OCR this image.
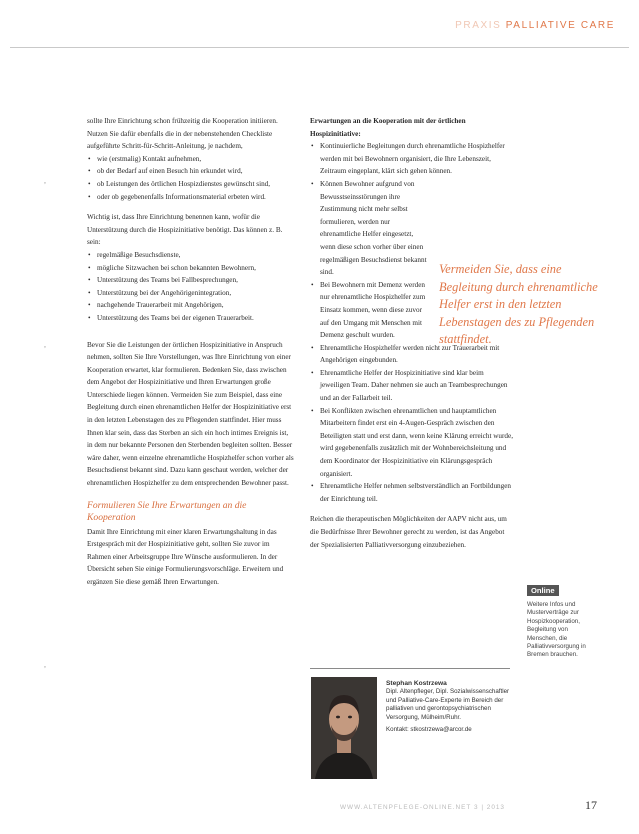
PRAXIS PALLIATIVE CARE
,
,
,

sollte Ihre Einrichtung schon frühzeitig die Kooperation initiieren. Nutzen Sie dafür ebenfalls die in der nebenstehenden Checkliste aufgeführte Schritt-für-Schritt-Anleitung, je nachdem,

• wie (erstmalig) Kontakt aufnehmen,
• ob der Bedarf auf einen Besuch hin erkundet wird,
• ob Leistungen des örtlichen Hospizdienstes gewünscht sind,
• oder ob gegebenenfalls Informationsmaterial erbeten wird.

Wichtig ist, dass Ihre Einrichtung benennen kann, wofür die Unterstützung durch die Hospizinitiative benötigt. Das können z. B. sein:

• regelmäßige Besuchsdienste,
• mögliche Sitzwachen bei schon bekannten Bewohnern,
• Unterstützung des Teams bei Fallbesprechungen,
• Unterstützung bei der Angehörigenintegration,
• nachgehende Trauerarbeit mit Angehörigen,
• Unterstützung des Teams bei der eigenen Trauerarbeit.

Bevor Sie die Leistungen der örtlichen Hospizinitiative in Anspruch nehmen, sollten Sie Ihre Vorstellungen, was Ihre Einrichtung von einer Kooperation erwartet, klar formulieren. Bedenken Sie, dass zwischen dem Angebot der Hospizinitiative und Ihren Erwartungen große Unterschiede liegen können. Vermeiden Sie zum Beispiel, dass eine Begleitung durch einen ehrenamtlichen Helfer der Hospizinitiative erst in den letzten Lebenstagen des zu Pflegenden stattfindet. Hier muss Ihnen klar sein, dass das Sterben an sich ein hoch intimes Ereignis ist, in dem nur bekannte Personen den Sterbenden begleiten sollten. Besser wäre daher, wenn einzelne ehrenamtliche Hospizhelfer schon vorher als Besuchsdienst bekannt sind. Dazu kann geschaut werden, welcher der ehrenamtlichen Hospizhelfer zu dem entsprechenden Bewohner passt.

Formulieren Sie Ihre Erwartungen an die Kooperation

Damit Ihre Einrichtung mit einer klaren Erwartungshaltung in das Erstgespräch mit der Hospizinitiative geht, sollten Sie zuvor im Rahmen einer Arbeitsgruppe Ihre Wünsche ausformulieren. In der Übersicht sehen Sie einige Formulierungsvorschläge. Erweitern und ergänzen Sie diese gemäß Ihren Erwartungen.

Erwartungen an die Kooperation mit der örtlichen Hospizinitiative:

• Kontinuierliche Begleitungen durch ehrenamtliche Hospizhelfer werden mit bei Bewohnern organisiert, die Ihre Lebenszeit, Zeitraum eingeplant, klärt sich gehen können.
• Können Bewohner aufgrund von Bewusstseinsstörungen ihre Zustimmung nicht mehr selbst formulieren, werden nur ehrenamtliche Helfer eingesetzt, wenn diese schon vorher über einen regelmäßigen Besuchsdienst bekannt sind.
• Bei Bewohnern mit Demenz werden nur ehrenamtliche Hospizhelfer zum Einsatz kommen, wenn diese zuvor auf den Umgang mit Menschen mit Demenz geschult wurden.
• Ehrenamtliche Hospizhelfer werden nicht zur Trauerarbeit mit Angehörigen eingebunden.
• Ehrenamtliche Helfer der Hospizinitiative sind klar beim jeweiligen Team. Daher nehmen sie auch an Teambesprechungen und an der Fallarbeit teil.
• Bei Konflikten zwischen ehrenamtlichen und hauptamtlichen Mitarbeitern findet erst ein 4-Augen-Gespräch zwischen den Beteiligten statt und erst dann, wenn keine Klärung erreicht wurde, wird gegebenenfalls zusätzlich mit der Wohnbereichsleitung und dem Koordinator der Hospizinitiative ein Klärungsgespräch organisiert.
• Ehrenamtliche Helfer nehmen selbstverständlich an Fortbildungen der Einrichtung teil.

Reichen die therapeutischen Möglichkeiten der AAPV nicht aus, um die Bedürfnisse Ihrer Bewohner gerecht zu werden, ist das Angebot der Spezialisierten Palliativversorgung einzubeziehen.

Vermeiden Sie, dass eine Begleitung durch ehrenamtliche Helfer erst in den letzten Lebenstagen des zu Pflegenden stattfindet.
Online
Weitere Infos und Musterverträge zur Hospizkooperation, Begleitung von Menschen, die Palliativversorgung in Bremen brauchen.
Stephan Kostrzewa
Dipl. Altenpfleger, Dipl. Sozialwissenschaftler und Palliative-Care-Experte im Bereich der palliativen und gerontopsychiatrischen Versorgung, Mülheim/Ruhr.
Kontakt: stkostrzewa@arcor.de
WWW.ALTENPFLEGE-ONLINE.NET 3 | 2013	17
